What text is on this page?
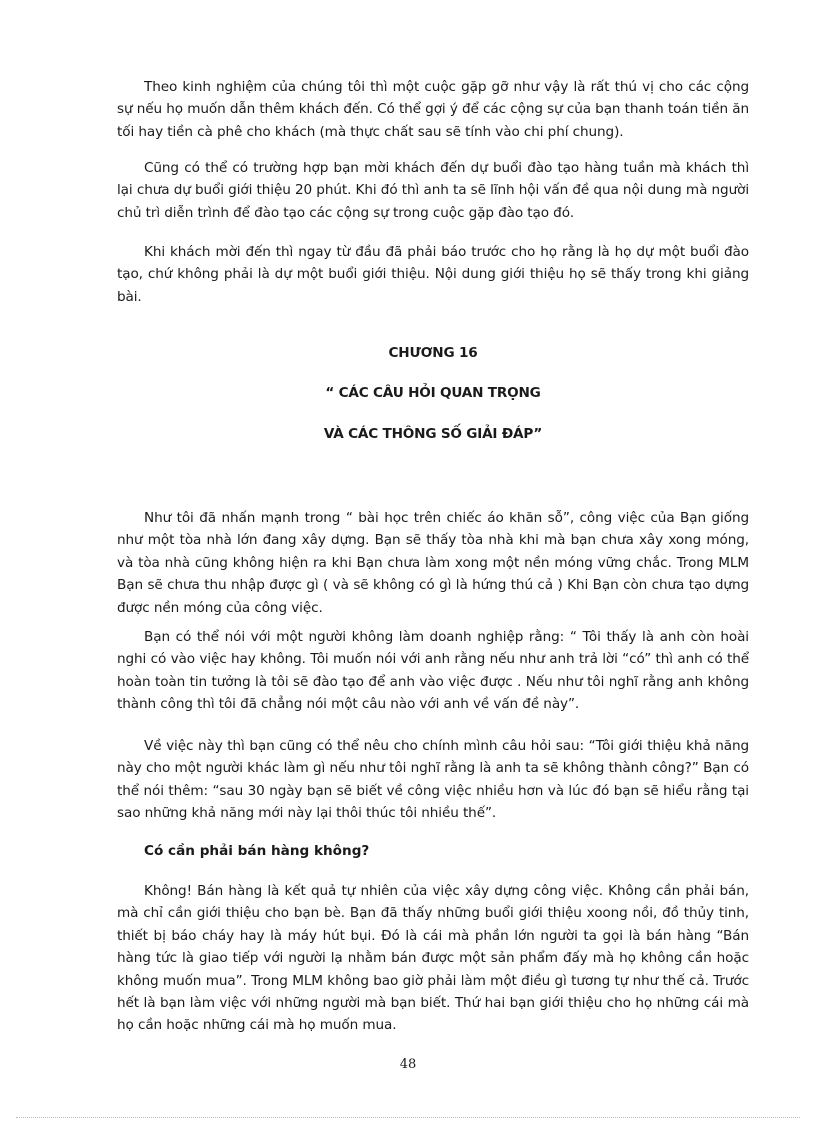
Theo kinh nghiệm của chúng tôi thì một cuộc gặp gỡ như vậy là rất thú vị cho các cộng sự nếu họ muốn dẫn thêm khách đến. Có thể gợi ý để các cộng sự của bạn thanh toán tiền ăn tối hay tiền cà phê cho khách (mà thực chất sau sẽ tính vào chi phí chung).

Cũng có thể có trường hợp bạn mời khách đến dự buổi đào tạo hàng tuần mà khách thì lại chưa dự buổi giới thiệu 20 phút. Khi đó thì anh ta sẽ lĩnh hội vấn đề qua nội dung mà người chủ trì diễn trình để đào tạo các cộng sự trong cuộc gặp đào tạo đó.

Khi khách mời đến thì ngay từ đầu đã phải báo trước cho họ rằng là họ dự một buổi đào tạo, chứ không phải là dự một buổi giới thiệu. Nội dung giới thiệu họ sẽ thấy trong khi giảng bài.

CHƯƠNG 16

“ CÁC CÂU HỎI QUAN TRỌNG

VÀ CÁC THÔNG SỐ GIẢI ĐÁP”

Như tôi đã nhấn mạnh trong “ bài học trên chiếc áo khăn sỗ”, công việc của Bạn giống như một tòa nhà lớn đang xây dựng. Bạn sẽ thấy tòa nhà khi mà bạn chưa xây xong móng, và tòa nhà cũng không hiện ra khi Bạn chưa làm xong một nền móng vững chắc. Trong MLM Bạn sẽ chưa thu nhập được gì ( và sẽ không có gì là hứng thú cả ) Khi Bạn còn chưa tạo dựng được nền móng của công việc.

Bạn có thể nói với một người không làm doanh nghiệp rằng: “ Tôi thấy là anh còn hoài nghi có vào việc hay không. Tôi muốn nói với anh rằng nếu như anh trả lời “có” thì anh có thể hoàn toàn tin tưởng là tôi sẽ đào tạo để anh vào việc được . Nếu như tôi nghĩ rằng anh không thành công thì tôi đã chẳng nói một câu nào với anh về vấn đề này”.

Về việc này thì bạn cũng có thể nêu cho chính mình câu hỏi sau: “Tôi giới thiệu khả năng này cho một người khác làm gì nếu như tôi nghĩ rằng là anh ta sẽ không thành công?” Bạn có thể nói thêm: “sau 30 ngày bạn sẽ biết về công việc nhiều hơn và lúc đó bạn sẽ hiểu rằng tại sao những khả năng mới này lại thôi thúc tôi nhiều thế”.

Có cần phải bán hàng không?

Không! Bán hàng là kết quả tự nhiên của việc xây dựng công việc. Không cần phải bán, mà chỉ cần giới thiệu cho bạn bè. Bạn đã thấy những buổi giới thiệu xoong nồi, đồ thủy tinh, thiết bị báo cháy hay là máy hút bụi. Đó là cái mà phần lớn người ta gọi là bán hàng “Bán hàng tức là giao tiếp với người lạ nhằm bán được một sản phẩm đấy mà họ không cần hoặc không muốn mua”. Trong MLM không bao giờ phải làm một điều gì tương tự như thế cả. Trước hết là bạn làm việc với những người mà bạn biết. Thứ hai bạn giới thiệu cho họ những cái mà họ cần hoặc những cái mà họ muốn mua.

48
